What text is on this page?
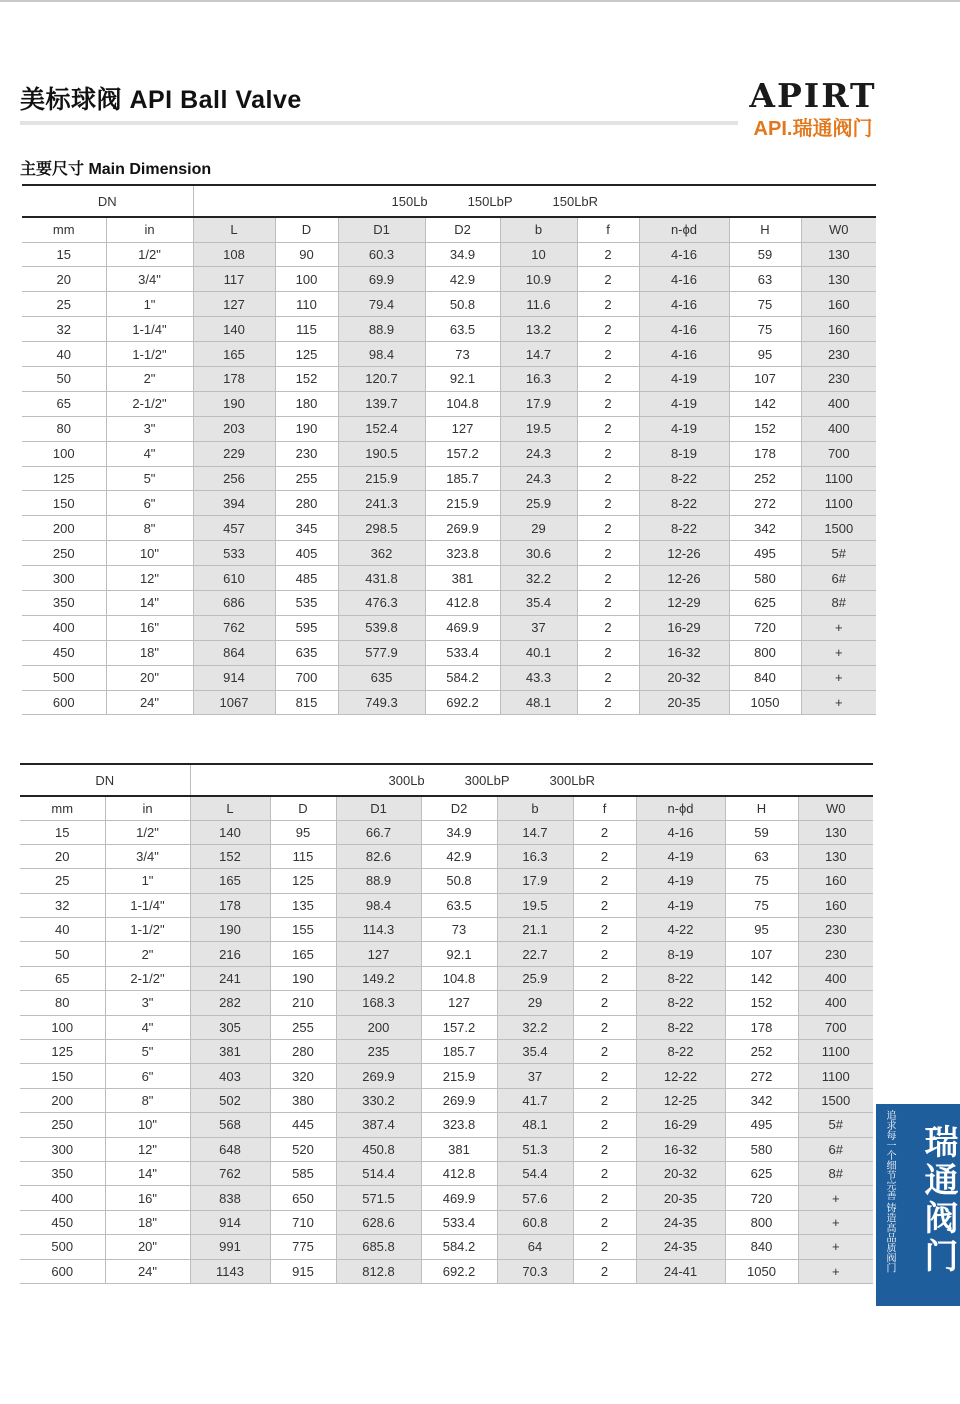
美标球阀 API Ball Valve	APIRT
API.瑞通阀门
主要尺寸 Main Dimension
DN		150Lb 150LbP 150LbR								
mm	in	L	D	D1	D2	b	f	n-ϕd	H	W0
15	1/2"	108	90	60.3	34.9	10	2	4-16	59	130
20	3/4"	117	100	69.9	42.9	10.9	2	4-16	63	130
25	1"	127	110	79.4	50.8	11.6	2	4-16	75	160
32	1-1/4"	140	115	88.9	63.5	13.2	2	4-16	75	160
40	1-1/2"	165	125	98.4	73	14.7	2	4-16	95	230
50	2"	178	152	120.7	92.1	16.3	2	4-19	107	230
65	2-1/2"	190	180	139.7	104.8	17.9	2	4-19	142	400
80	3"	203	190	152.4	127	19.5	2	4-19	152	400
100	4"	229	230	190.5	157.2	24.3	2	8-19	178	700
125	5"	256	255	215.9	185.7	24.3	2	8-22	252	1100
150	6"	394	280	241.3	215.9	25.9	2	8-22	272	1100
200	8"	457	345	298.5	269.9	29	2	8-22	342	1500
250	10"	533	405	362	323.8	30.6	2	12-26	495	5#
300	12"	610	485	431.8	381	32.2	2	12-26	580	6#
350	14"	686	535	476.3	412.8	35.4	2	12-29	625	8#
400	16"	762	595	539.8	469.9	37	2	16-29	720	+
450	18"	864	635	577.9	533.4	40.1	2	16-32	800	+
500	20"	914	700	635	584.2	43.3	2	20-32	840	+
600	24"	1067	815	749.3	692.2	48.1	2	20-35	1050	+
DN		300Lb 300LbP 300LbR								
mm	in	L	D	D1	D2	b	f	n-ϕd	H	W0
15	1/2"	140	95	66.7	34.9	14.7	2	4-16	59	130
20	3/4"	152	115	82.6	42.9	16.3	2	4-19	63	130
25	1"	165	125	88.9	50.8	17.9	2	4-19	75	160
32	1-1/4"	178	135	98.4	63.5	19.5	2	4-19	75	160
40	1-1/2"	190	155	114.3	73	21.1	2	4-22	95	230
50	2"	216	165	127	92.1	22.7	2	8-19	107	230
65	2-1/2"	241	190	149.2	104.8	25.9	2	8-22	142	400
80	3"	282	210	168.3	127	29	2	8-22	152	400
100	4"	305	255	200	157.2	32.2	2	8-22	178	700
125	5"	381	280	235	185.7	35.4	2	8-22	252	1100
150	6"	403	320	269.9	215.9	37	2	12-22	272	1100
200	8"	502	380	330.2	269.9	41.7	2	12-25	342	1500
250	10"	568	445	387.4	323.8	48.1	2	16-29	495	5#
300	12"	648	520	450.8	381	51.3	2	16-32	580	6#
350	14"	762	585	514.4	412.8	54.4	2	20-32	625	8#
400	16"	838	650	571.5	469.9	57.6	2	20-35	720	+
450	18"	914	710	628.6	533.4	60.8	2	24-35	800	+
500	20"	991	775	685.8	584.2	64	2	24-35	840	+
600	24"	1143	915	812.8	692.2	70.3	2	24-41	1050	+	追求每一个细节完善 铸造高品质阀门 瑞通阀门
